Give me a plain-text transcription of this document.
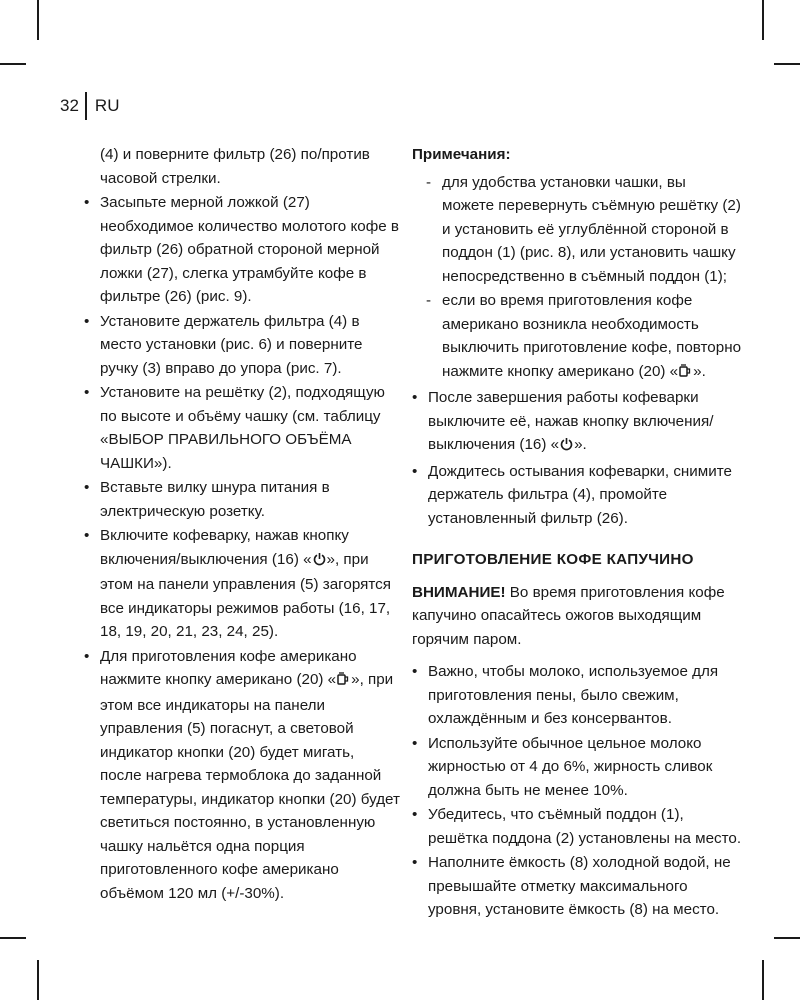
32 RU

(4) и поверните фильтр (26) по/против часовой стрелки.

• Засыпьте мерной ложкой (27) необходимое количество молотого кофе в фильтр (26) обратной стороной мерной ложки (27), слегка утрамбуйте кофе в фильтре (26) (рис. 9).

• Установите держатель фильтра (4) в место установки (рис. 6) и поверните ручку (3) вправо до упора (рис. 7).

• Установите на решётку (2), подходящую по высоте и объёму чашку (см. таблицу «ВЫБОР ПРАВИЛЬНОГО ОБЪЁМА ЧАШКИ»).

• Вставьте вилку шнура питания в электрическую розетку.

• Включите кофеварку, нажав кнопку включения/выключения (16) « », при этом на панели управления (5) загорятся все индикаторы режимов работы (16, 17, 18, 19, 20, 21, 23, 24, 25).

• Для приготовления кофе американо нажмите кнопку американо (20) « », при этом все индикаторы на панели управления (5) погаснут, а световой индикатор кнопки (20) будет мигать, после нагрева термоблока до заданной температуры, индикатор кнопки (20) будет светиться постоянно, в установленную чашку нальётся одна порция приготовленного кофе американо объёмом 120 мл (+/-30%).

Примечания:

- для удобства установки чашки, вы можете перевернуть съёмную решётку (2) и установить её углублённой стороной в поддон (1) (рис. 8), или установить чашку непосредственно в съёмный поддон (1);

- если во время приготовления кофе американо возникла необходимость выключить приготовление кофе, повторно нажмите кнопку американо (20) « ».

• После завершения работы кофеварки выключите её, нажав кнопку включения/выключения (16) « ».

• Дождитесь остывания кофеварки, снимите держатель фильтра (4), промойте установленный фильтр (26).

ПРИГОТОВЛЕНИЕ КОФЕ КАПУЧИНО

ВНИМАНИЕ! Во время приготовления кофе капучино опасайтесь ожогов выходящим горячим паром.

• Важно, чтобы молоко, используемое для приготовления пены, было свежим, охлаждённым и без консервантов.

• Используйте обычное цельное молоко жирностью от 4 до 6%, жирность сливок должна быть не менее 10%.

• Убедитесь, что съёмный поддон (1), решётка поддона (2) установлены на место.

• Наполните ёмкость (8) холодной водой, не превышайте отметку максимального уровня, установите ёмкость (8) на место.
